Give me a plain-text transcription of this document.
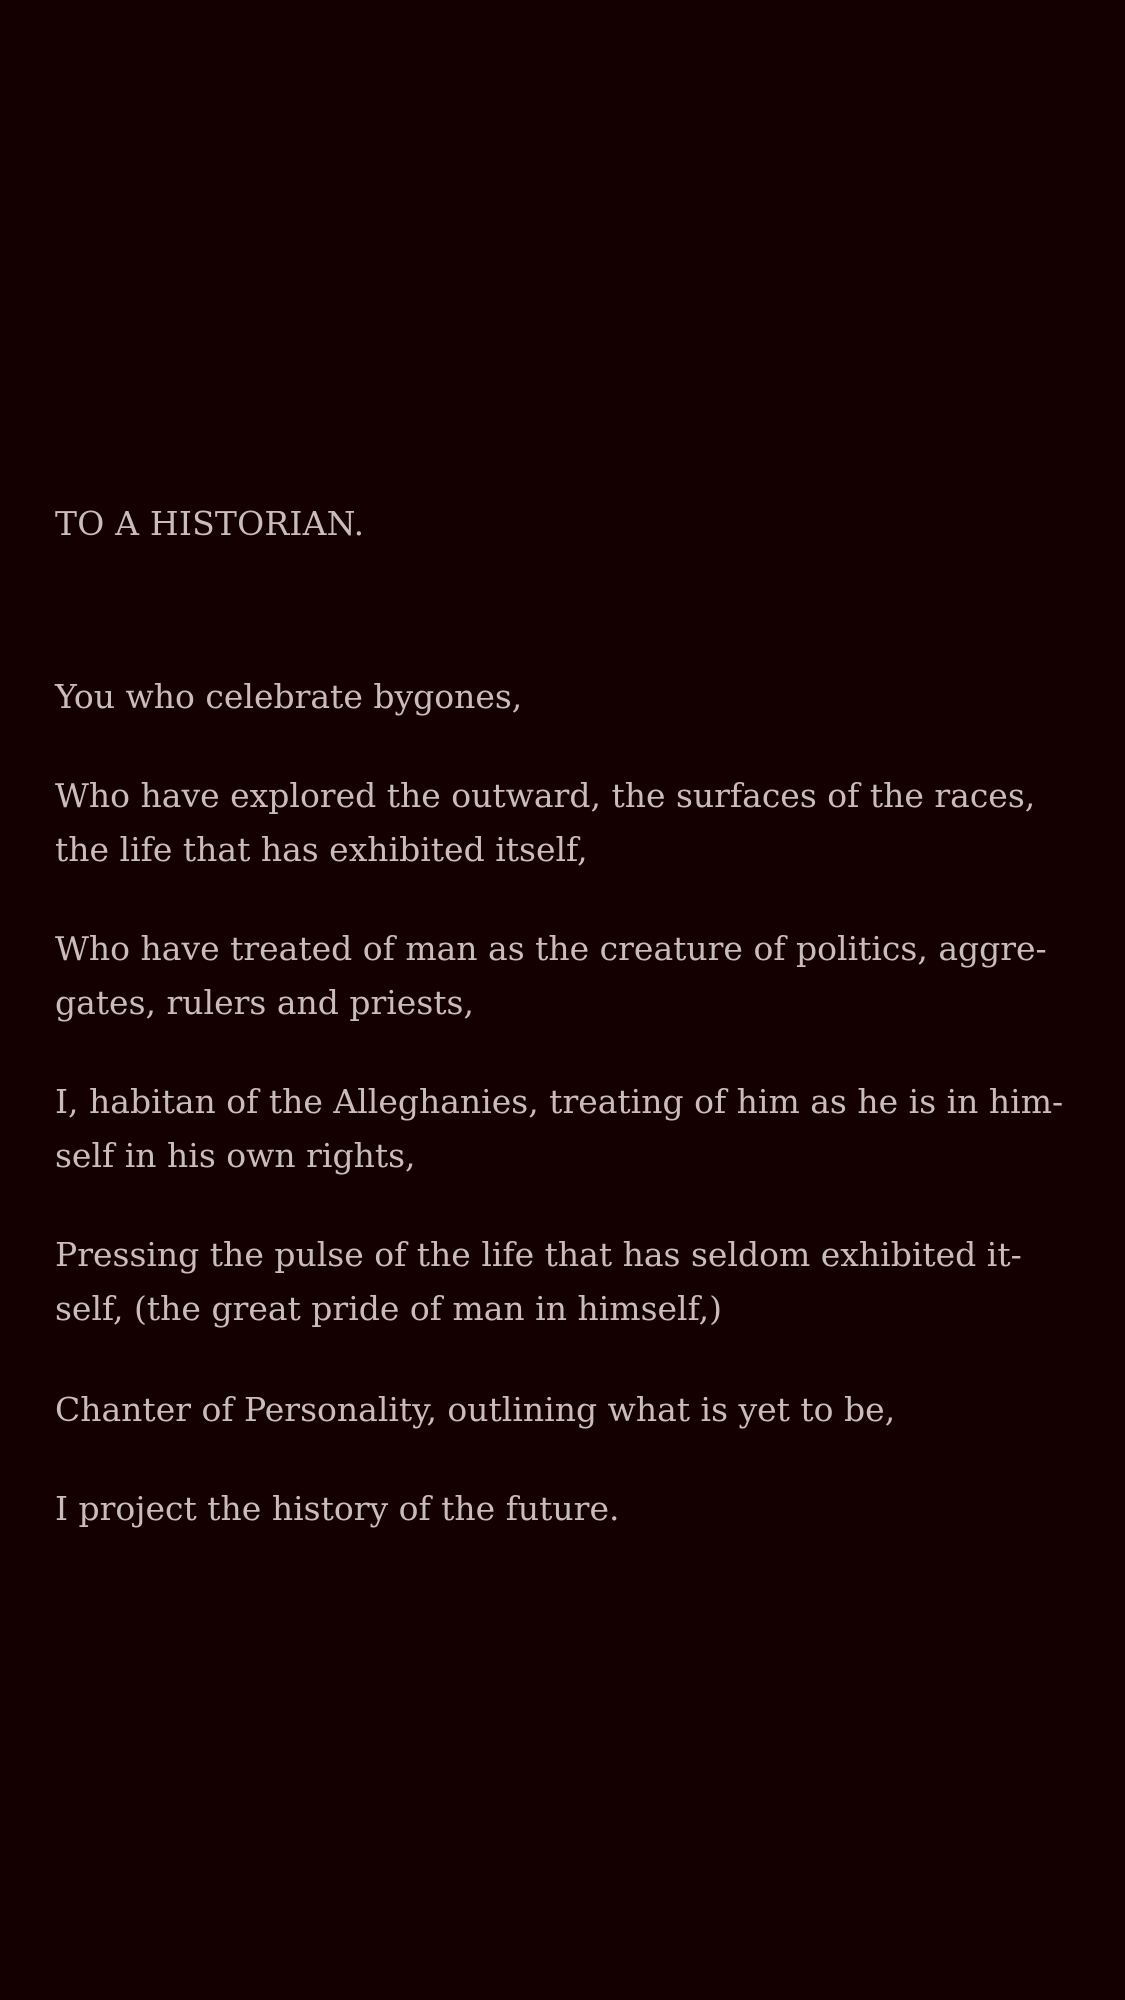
TO A HISTORIAN.
You who celebrate bygones,
Who have explored the outward, the surfaces of the races,
the life that has exhibited itself,
Who have treated of man as the creature of politics, aggre-
gates, rulers and priests,
I, habitan of the Alleghanies, treating of him as he is in him-
self in his own rights,
Pressing the pulse of the life that has seldom exhibited it-
self, (the great pride of man in himself,)
Chanter of Personality, outlining what is yet to be,
I project the history of the future.
